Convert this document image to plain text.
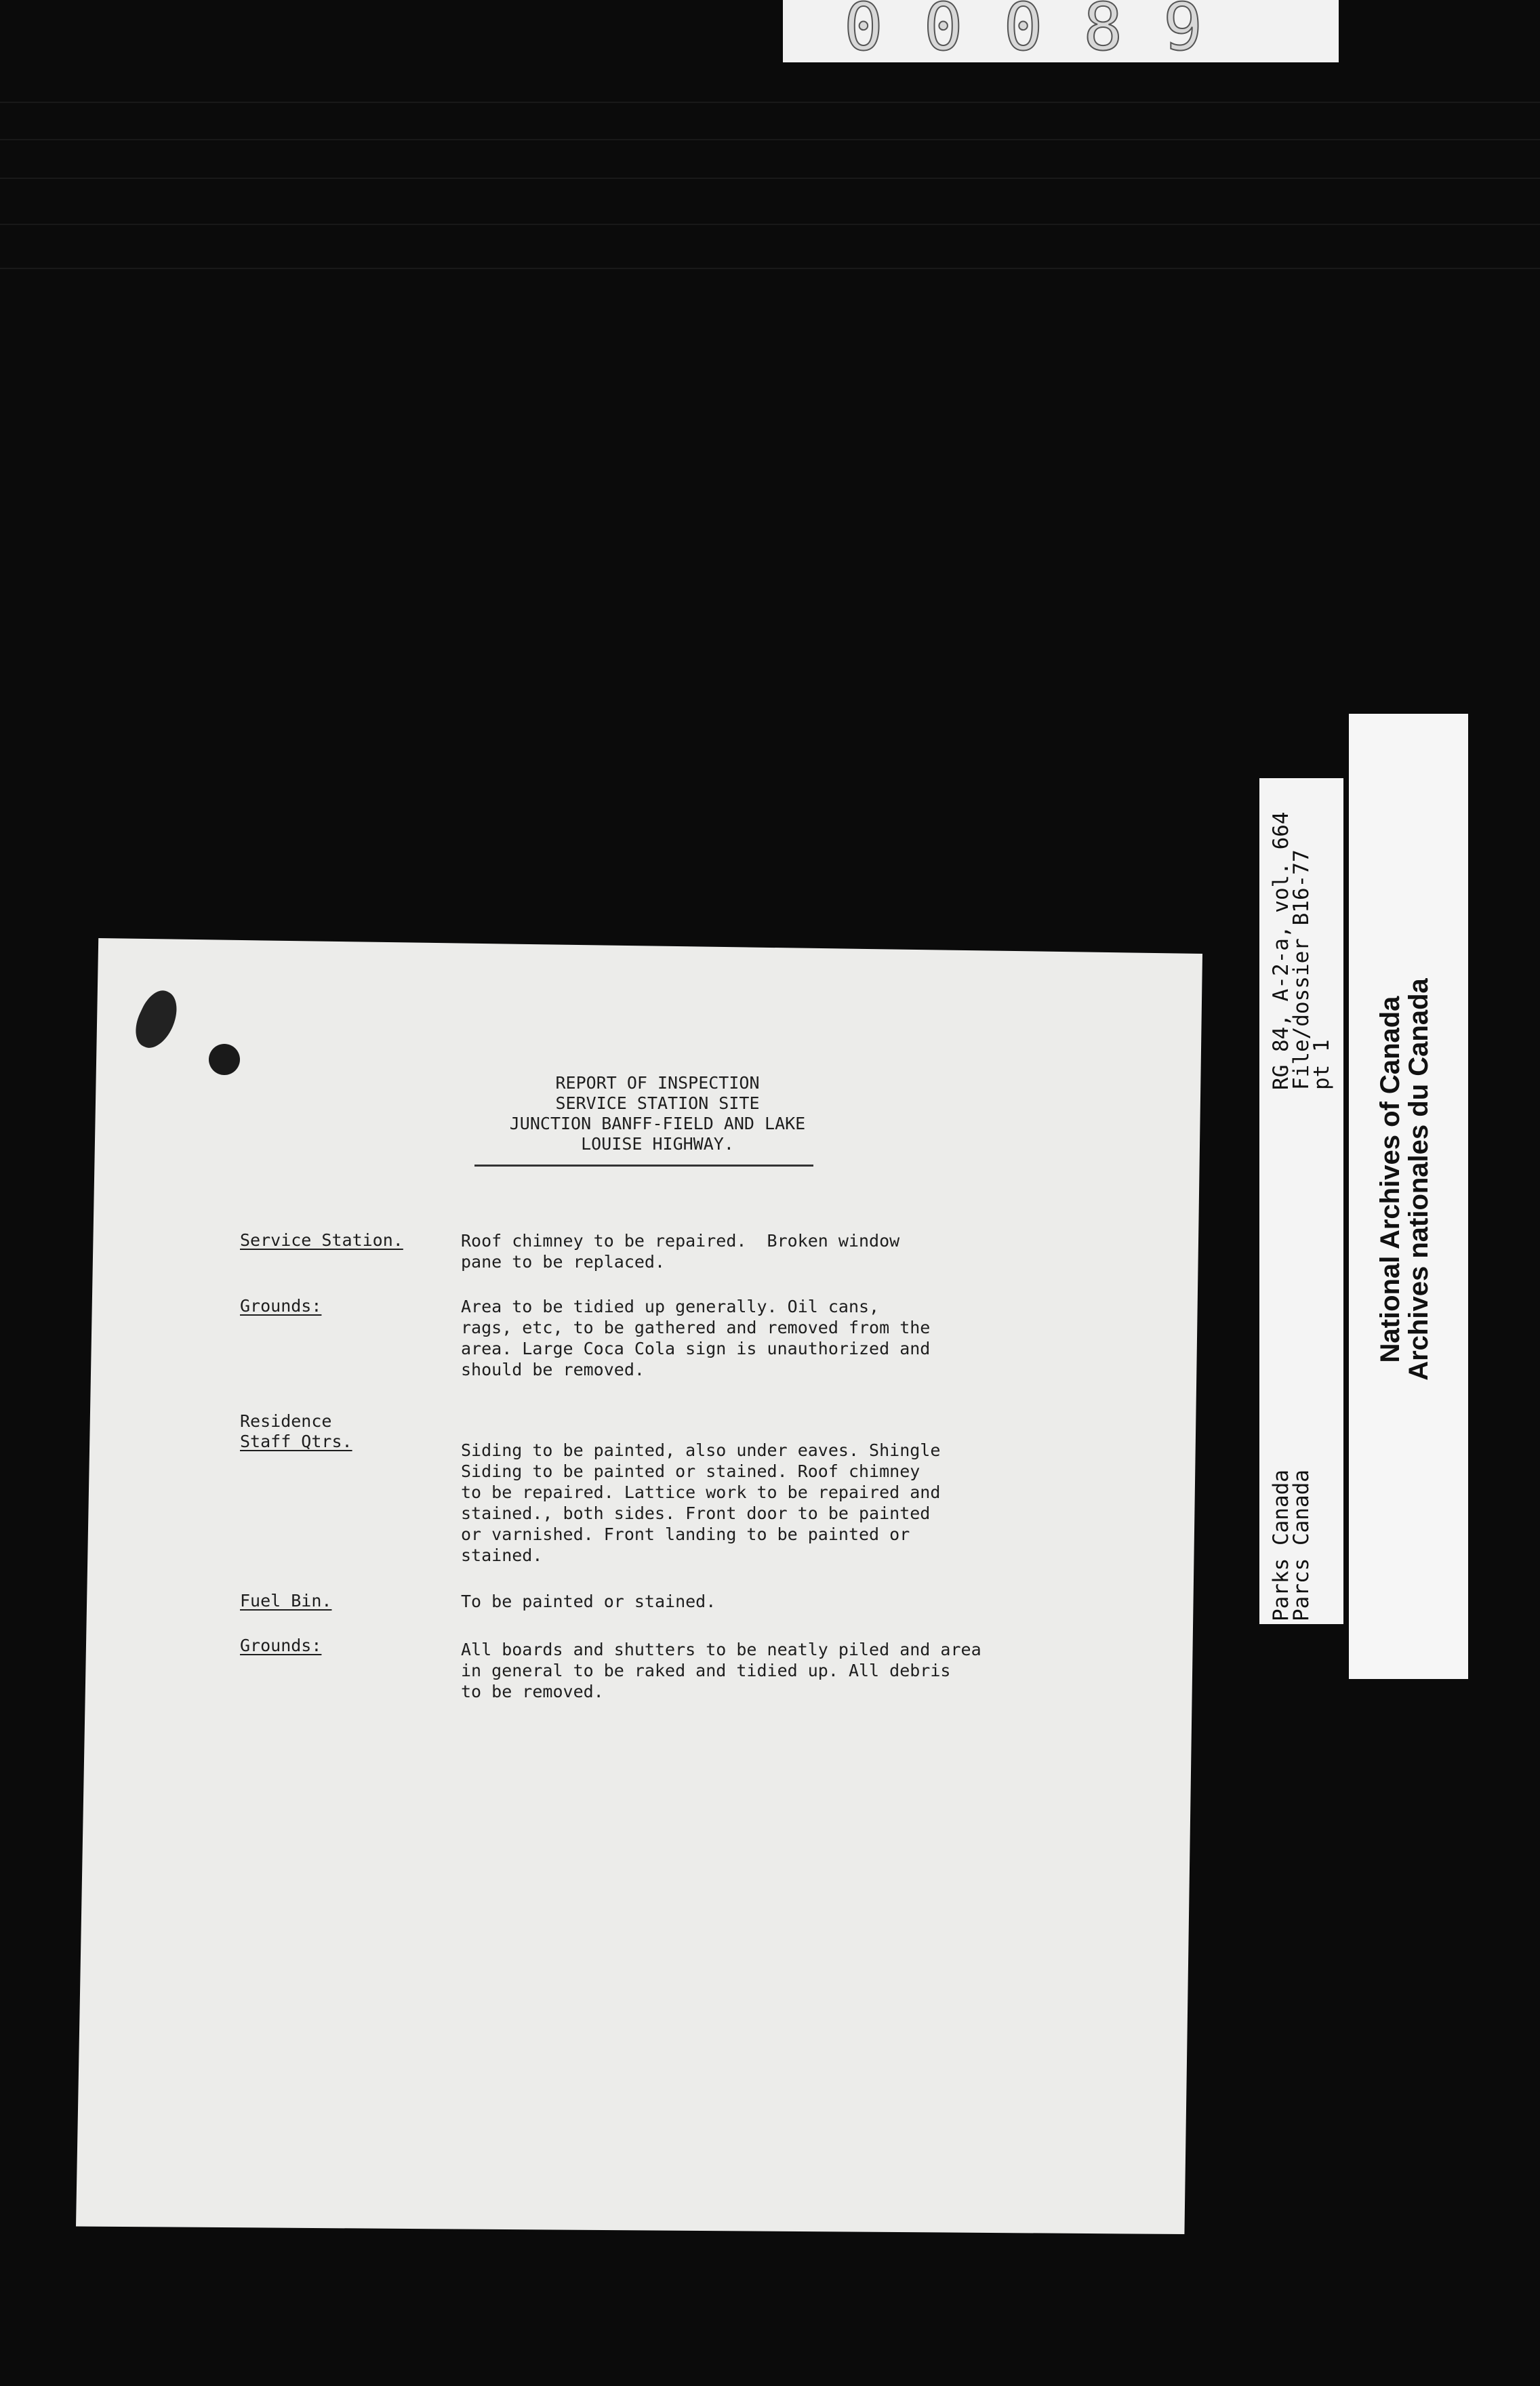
00089
RG 84, A-2-a, vol. 664
File/dossier B16-77
pt 1
Parks Canada
Parcs Canada
National Archives of Canada
Archives nationales du Canada
REPORT OF INSPECTION
SERVICE STATION SITE
JUNCTION BANFF-FIELD AND LAKE
LOUISE HIGHWAY.
Service Station.	Roof chimney to be repaired.  Broken window
pane to be replaced.
Grounds:	Area to be tidied up generally. Oil cans,
rags, etc, to be gathered and removed from the
area. Large Coca Cola sign is unauthorized and
should be removed.
Residence
Staff Qtrs.	Siding to be painted, also under eaves. Shingle
Siding to be painted or stained. Roof chimney
to be repaired. Lattice work to be repaired and
stained., both sides. Front door to be painted
or varnished. Front landing to be painted or
stained.
Fuel Bin.	To be painted or stained.
Grounds:	All boards and shutters to be neatly piled and area
in general to be raked and tidied up. All debris
to be removed.
